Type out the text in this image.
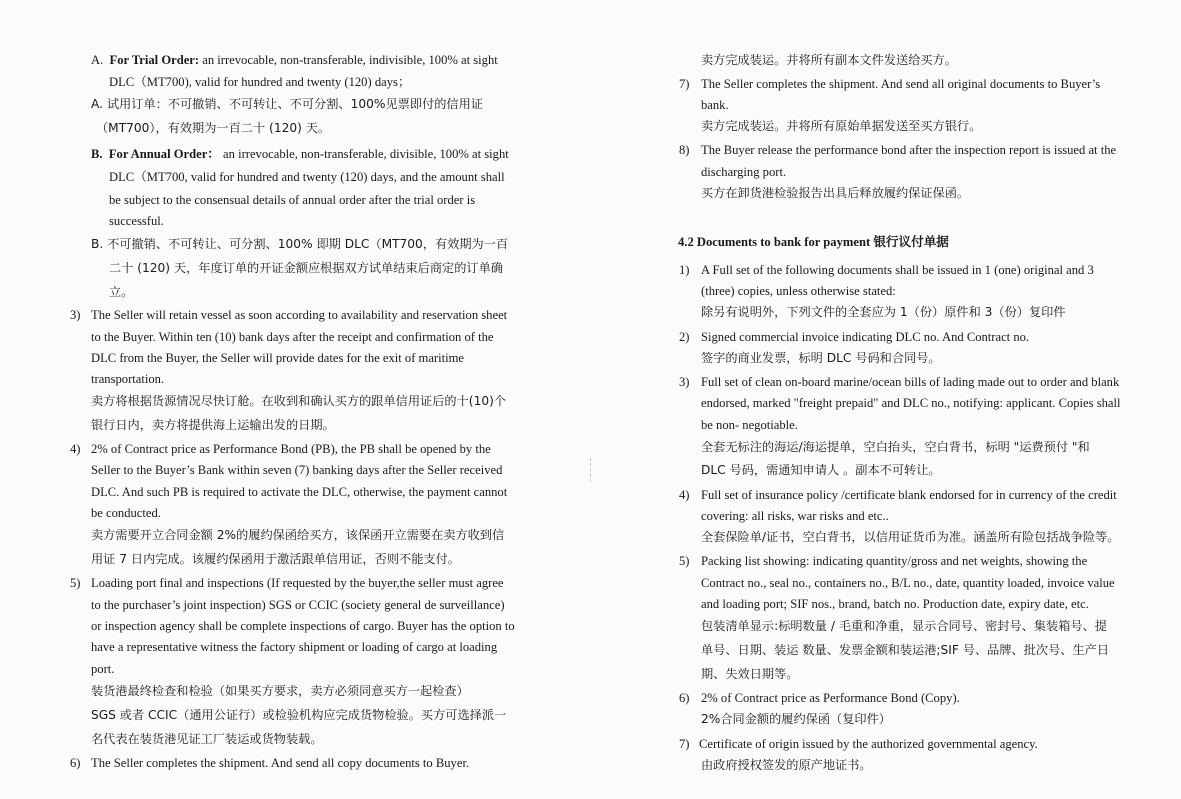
A. For Trial Order: an irrevocable, non-transferable, indivisible, 100% at sight
DLC（MT700), valid for hundred and twenty (120) days；
A. 试用订单：不可撤销、不可转让、不可分割、100%见票即付的信用证
（MT700），有效期为一百二十 (120) 天。
B. For Annual Order： an irrevocable, non-transferable, divisible, 100% at sight
DLC（MT700, valid for hundred and twenty (120) days, and the amount shall
be subject to the consensual details of annual order after the trial order is
successful.
B. 不可撤销、不可转让、可分割、100% 即期 DLC（MT700，有效期为一百
二十 (120) 天，年度订单的开证金额应根据双方试单结束后商定的订单确
立。
3) The Seller will retain vessel as soon according to availability and reservation sheet
to the Buyer. Within ten (10) bank days after the receipt and confirmation of the
DLC from the Buyer, the Seller will provide dates for the exit of maritime
transportation.
卖方将根据货源情况尽快订舱。在收到和确认买方的跟单信用证后的十(10)个
银行日内，卖方将提供海上运输出发的日期。
4) 2% of Contract price as Performance Bond (PB), the PB shall be opened by the
Seller to the Buyer’s Bank within seven (7) banking days after the Seller received
DLC. And such PB is required to activate the DLC, otherwise, the payment cannot
be conducted.
卖方需要开立合同金额 2%的履约保函给买方，该保函开立需要在卖方收到信
用证 7 日内完成。该履约保函用于激活跟单信用证，否则不能支付。
5) Loading port final and inspections (If requested by the buyer,the seller must agree
to the purchaser’s joint inspection) SGS or CCIC (society general de surveillance)
or inspection agency shall be complete inspections of cargo. Buyer has the option to
have a representative witness the factory shipment or loading of cargo at loading
port.
装货港最终检查和检验（如果买方要求，卖方必须同意买方一起检查）
SGS 或者 CCIC（通用公证行）或检验机构应完成货物检验。买方可选择派一
名代表在装货港见证工厂装运或货物装载。
6) The Seller completes the shipment. And send all copy documents to Buyer.
卖方完成装运。并将所有副本文件发送给买方。
7) The Seller completes the shipment. And send all original documents to Buyer’s
bank.
卖方完成装运。并将所有原始单据发送至买方银行。
8) The Buyer release the performance bond after the inspection report is issued at the
discharging port.
买方在卸货港检验报告出具后释放履约保证保函。
4.2 Documents to bank for payment 银行议付单据
1) A Full set of the following documents shall be issued in 1 (one) original and 3
(three) copies, unless otherwise stated:
除另有说明外，下列文件的全套应为 1（份）原件和 3（份）复印件
2) Signed commercial invoice indicating DLC no. And Contract no.
签字的商业发票，标明 DLC 号码和合同号。
3) Full set of clean on-board marine/ocean bills of lading made out to order and blank
endorsed, marked "freight prepaid" and DLC no., notifying: applicant. Copies shall
be non- negotiable.
全套无标注的海运/海运提单，空白抬头，空白背书，标明 "运费预付 "和
DLC 号码，需通知申请人 。副本不可转让。
4) Full set of insurance policy /certificate blank endorsed for in currency of the credit
covering: all risks, war risks and etc..
全套保险单/证书，空白背书，以信用证货币为准。涵盖所有险包括战争险等。
5) Packing list showing: indicating quantity/gross and net weights, showing the
Contract no., seal no., containers no., B/L no., date, quantity loaded, invoice value
and loading port; SIF nos., brand, batch no. Production date, expiry date, etc.
包装清单显示:标明数量 / 毛重和净重，显示合同号、密封号、集装箱号、提
单号、日期、装运 数量、发票金额和装运港;SIF 号、品牌、批次号、生产日
期、失效日期等。
6) 2% of Contract price as Performance Bond (Copy).
2%合同金额的履约保函（复印件）
7) Certificate of origin issued by the authorized governmental agency.
由政府授权签发的原产地证书。
